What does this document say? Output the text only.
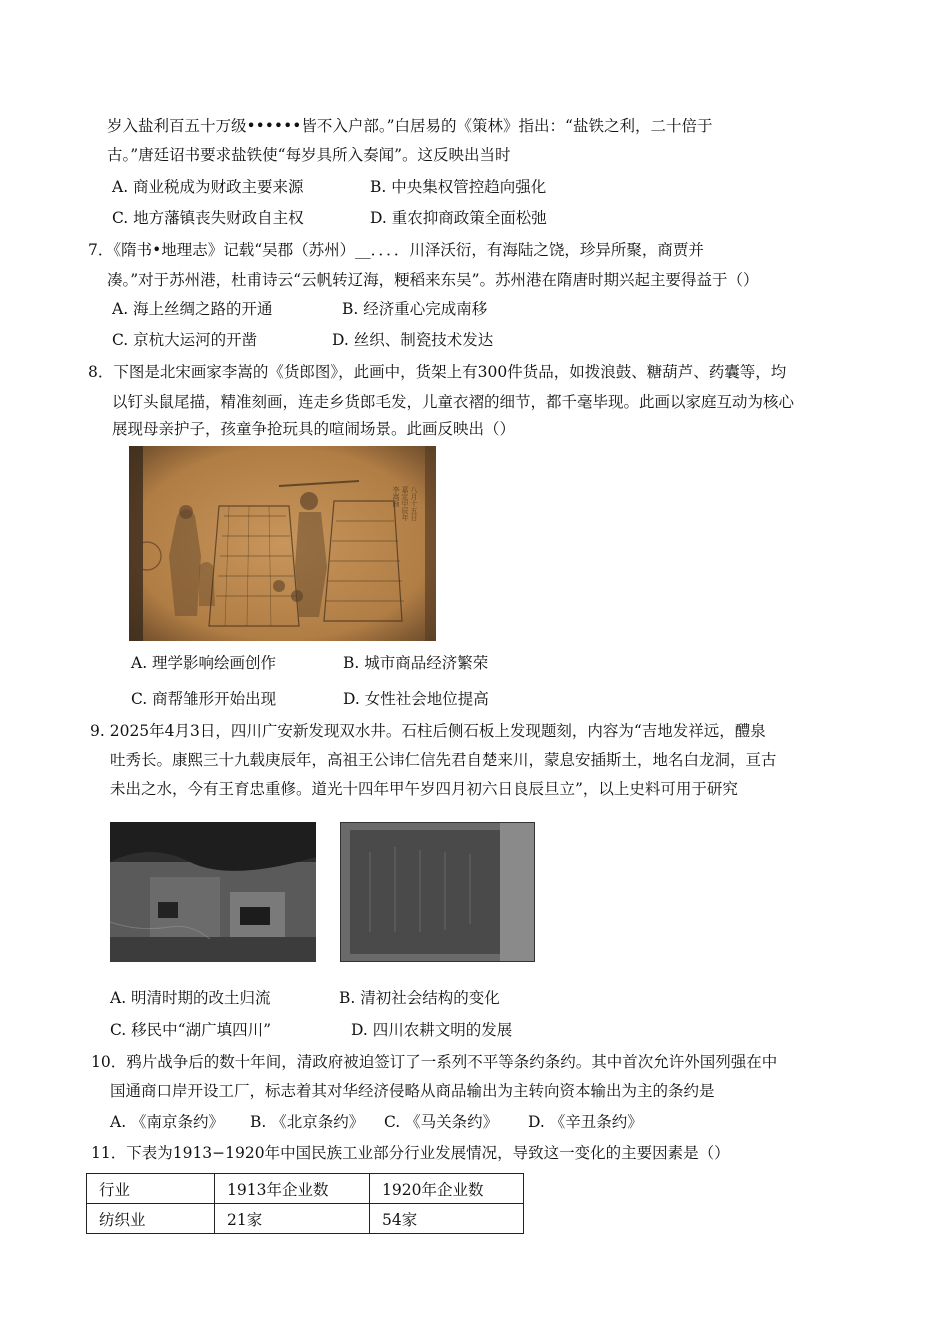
岁入盐利百五十万级••••••皆不入户部。”白居易的《策林》指出：“盐铁之利，二十倍于
古。”唐廷诏书要求盐铁使“每岁具所入奏闻”。这反映出当时
A. 商业税成为财政主要来源	B. 中央集权管控趋向强化
C. 地方藩镇丧失财政自主权	D. 重农抑商政策全面松弛
7．《隋书•地理志》记载“吴郡（苏州）__．．．．川泽沃衍，有海陆之饶，珍异所聚，商贾并
凑。”对于苏州港，杜甫诗云“云帆转辽海，粳稻来东吴”。苏州港在隋唐时期兴起主要得益于（）
A. 海上丝绸之路的开通	B. 经济重心完成南移
C. 京杭大运河的开凿	D. 丝织、制瓷技术发达
8．下图是北宋画家李嵩的《货郎图》，此画中，货架上有300件货品，如拨浪鼓、糖葫芦、药囊等，均
以钉头鼠尾描，精准刻画，连走乡货郎毛发，儿童衣褶的细节，都千毫毕现。此画以家庭互动为核心
展现母亲护子，孩童争抢玩具的喧闹场景。此画反映出（）
八月十五日
嘉定甲辰年
李嵩画
A. 理学影响绘画创作	B. 城市商品经济繁荣
C. 商帮雏形开始出现	D. 女性社会地位提高
9. 2025年4月3日，四川广安新发现双水井。石柱后侧石板上发现题刻，内容为“吉地发祥远，醴泉
吐秀长。康熙三十九载庚辰年，高祖王公讳仁信先君自楚来川，蒙息安插斯土，地名白龙洞，亘古
未出之水，今有王育忠重修。道光十四年甲午岁四月初六日良辰旦立”，以上史料可用于研究
A. 明清时期的改土归流	B. 清初社会结构的变化
C. 移民中“湖广填四川”	D. 四川农耕文明的发展
10．鸦片战争后的数十年间，清政府被迫签订了一系列不平等条约条约。其中首次允许外国列强在中
国通商口岸开设工厂，标志着其对华经济侵略从商品输出为主转向资本输出为主的条约是
A. 《南京条约》 B. 《北京条约》 C. 《马关条约》 D. 《辛丑条约》
11．下表为1913−1920年中国民族工业部分行业发展情况，导致这一变化的主要因素是（）
行业	1913年企业数	1920年企业数
纺织业	21家	54家
